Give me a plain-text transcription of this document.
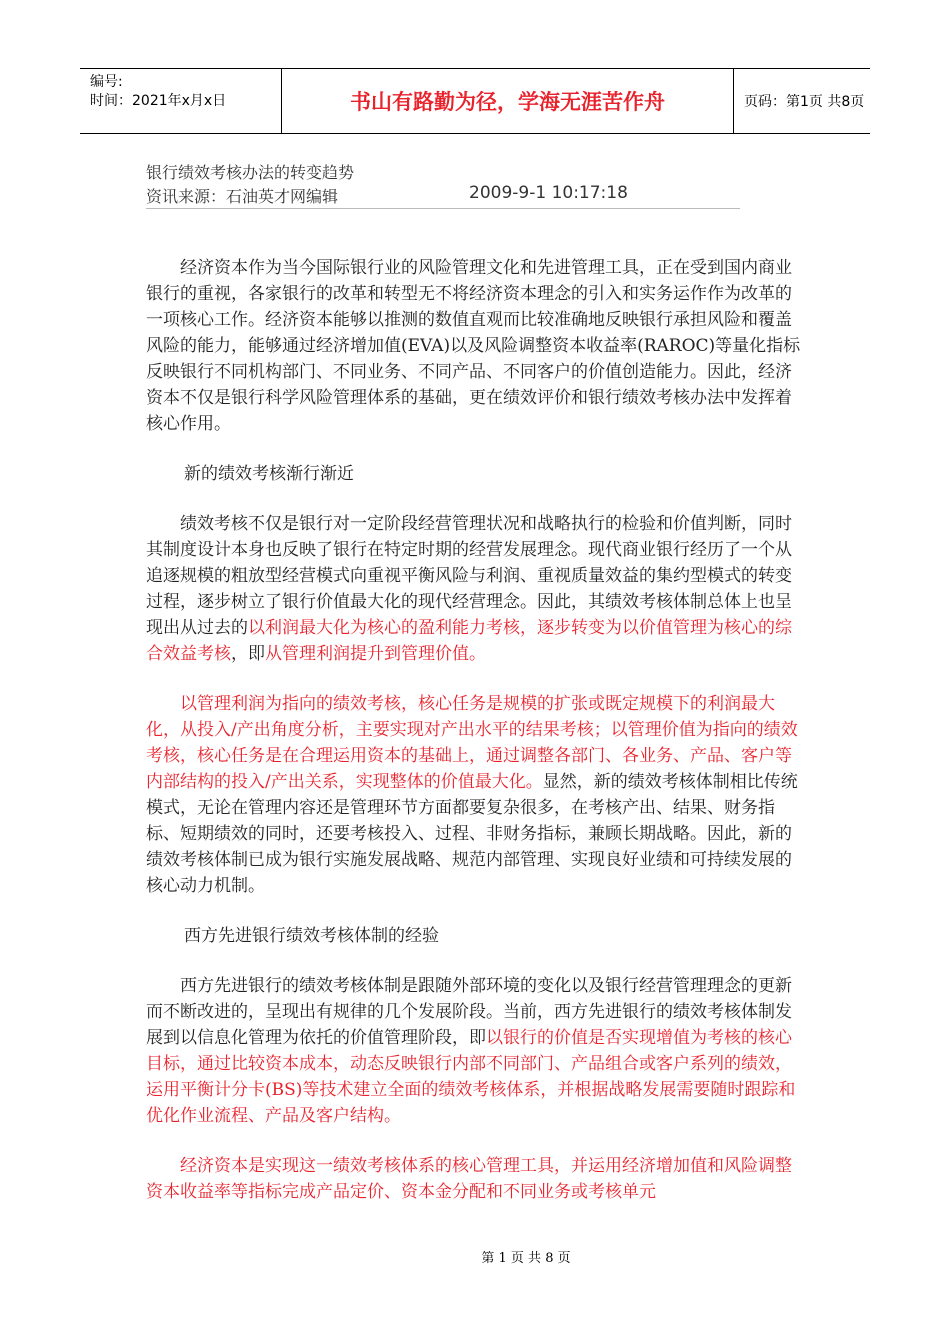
编号:
时间：2021年x月x日	书山有路勤为径，学海无涯苦作舟	页码：第1页 共8页
银行绩效考核办法的转变趋势
资讯来源：石油英才网编辑	2009-9-1 10:17:18

经济资本作为当今国际银行业的风险管理文化和先进管理工具，正在受到国内商业银行的重视，各家银行的改革和转型无不将经济资本理念的引入和实务运作作为改革的一项核心工作。经济资本能够以推测的数值直观而比较准确地反映银行承担风险和覆盖风险的能力，能够通过经济增加值(EVA)以及风险调整资本收益率(RAROC)等量化指标反映银行不同机构部门、不同业务、不同产品、不同客户的价值创造能力。因此，经济资本不仅是银行科学风险管理体系的基础，更在绩效评价和银行绩效考核办法中发挥着核心作用。

新的绩效考核渐行渐近

绩效考核不仅是银行对一定阶段经营管理状况和战略执行的检验和价值判断，同时其制度设计本身也反映了银行在特定时期的经营发展理念。现代商业银行经历了一个从追逐规模的粗放型经营模式向重视平衡风险与利润、重视质量效益的集约型模式的转变过程，逐步树立了银行价值最大化的现代经营理念。因此，其绩效考核体制总体上也呈现出从过去的以利润最大化为核心的盈利能力考核，逐步转变为以价值管理为核心的综合效益考核，即从管理利润提升到管理价值。

以管理利润为指向的绩效考核，核心任务是规模的扩张或既定规模下的利润最大化，从投入/产出角度分析，主要实现对产出水平的结果考核；以管理价值为指向的绩效考核，核心任务是在合理运用资本的基础上，通过调整各部门、各业务、产品、客户等内部结构的投入/产出关系，实现整体的价值最大化。显然，新的绩效考核体制相比传统模式，无论在管理内容还是管理环节方面都要复杂很多，在考核产出、结果、财务指标、短期绩效的同时，还要考核投入、过程、非财务指标，兼顾长期战略。因此，新的绩效考核体制已成为银行实施发展战略、规范内部管理、实现良好业绩和可持续发展的核心动力机制。

西方先进银行绩效考核体制的经验

西方先进银行的绩效考核体制是跟随外部环境的变化以及银行经营管理理念的更新而不断改进的，呈现出有规律的几个发展阶段。当前，西方先进银行的绩效考核体制发展到以信息化管理为依托的价值管理阶段，即以银行的价值是否实现增值为考核的核心目标，通过比较资本成本，动态反映银行内部不同部门、产品组合或客户系列的绩效，运用平衡计分卡(BS)等技术建立全面的绩效考核体系，并根据战略发展需要随时跟踪和优化作业流程、产品及客户结构。

经济资本是实现这一绩效考核体系的核心管理工具，并运用经济增加值和风险调整资本收益率等指标完成产品定价、资本金分配和不同业务或考核单元

第 1 页 共 8 页
